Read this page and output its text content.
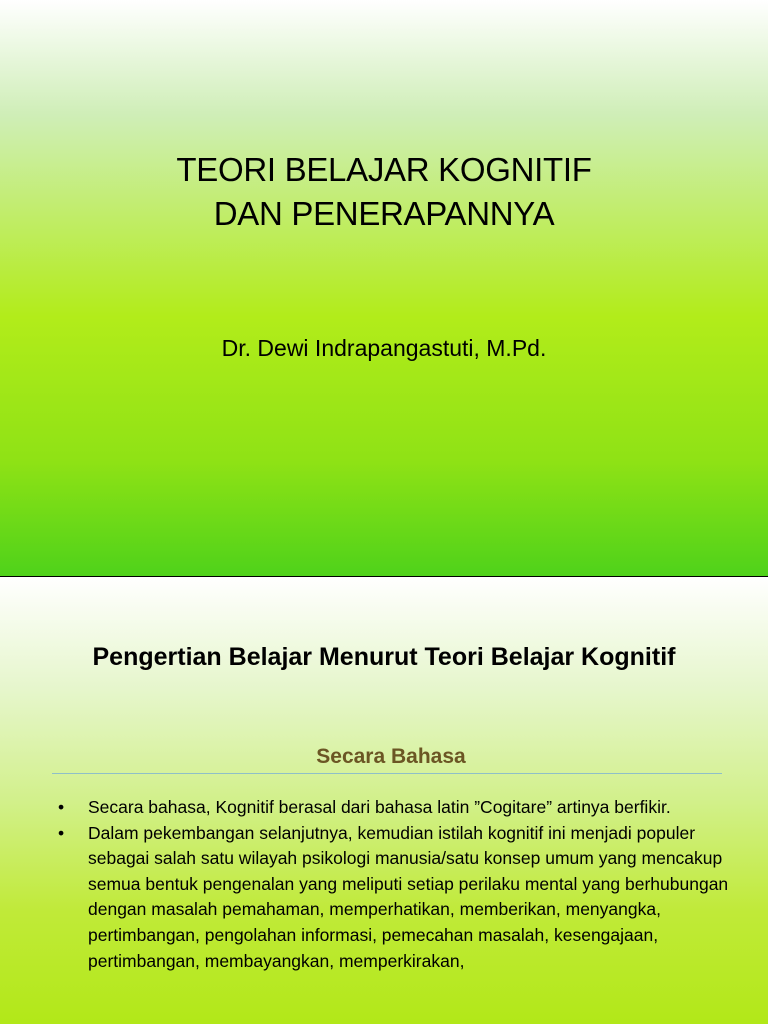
TEORI BELAJAR KOGNITIF
DAN PENERAPANNYA
Dr. Dewi Indrapangastuti, M.Pd.
Pengertian Belajar Menurut Teori Belajar Kognitif
Secara Bahasa
• Secara bahasa, Kognitif berasal dari bahasa latin ”Cogitare” artinya berfikir.
• Dalam pekembangan selanjutnya, kemudian istilah kognitif ini menjadi populer sebagai salah satu wilayah psikologi manusia/satu konsep umum yang mencakup semua bentuk pengenalan yang meliputi setiap perilaku mental yang berhubungan dengan masalah pemahaman, memperhatikan, memberikan, menyangka, pertimbangan, pengolahan informasi, pemecahan masalah, kesengajaan, pertimbangan, membayangkan, memperkirakan,
